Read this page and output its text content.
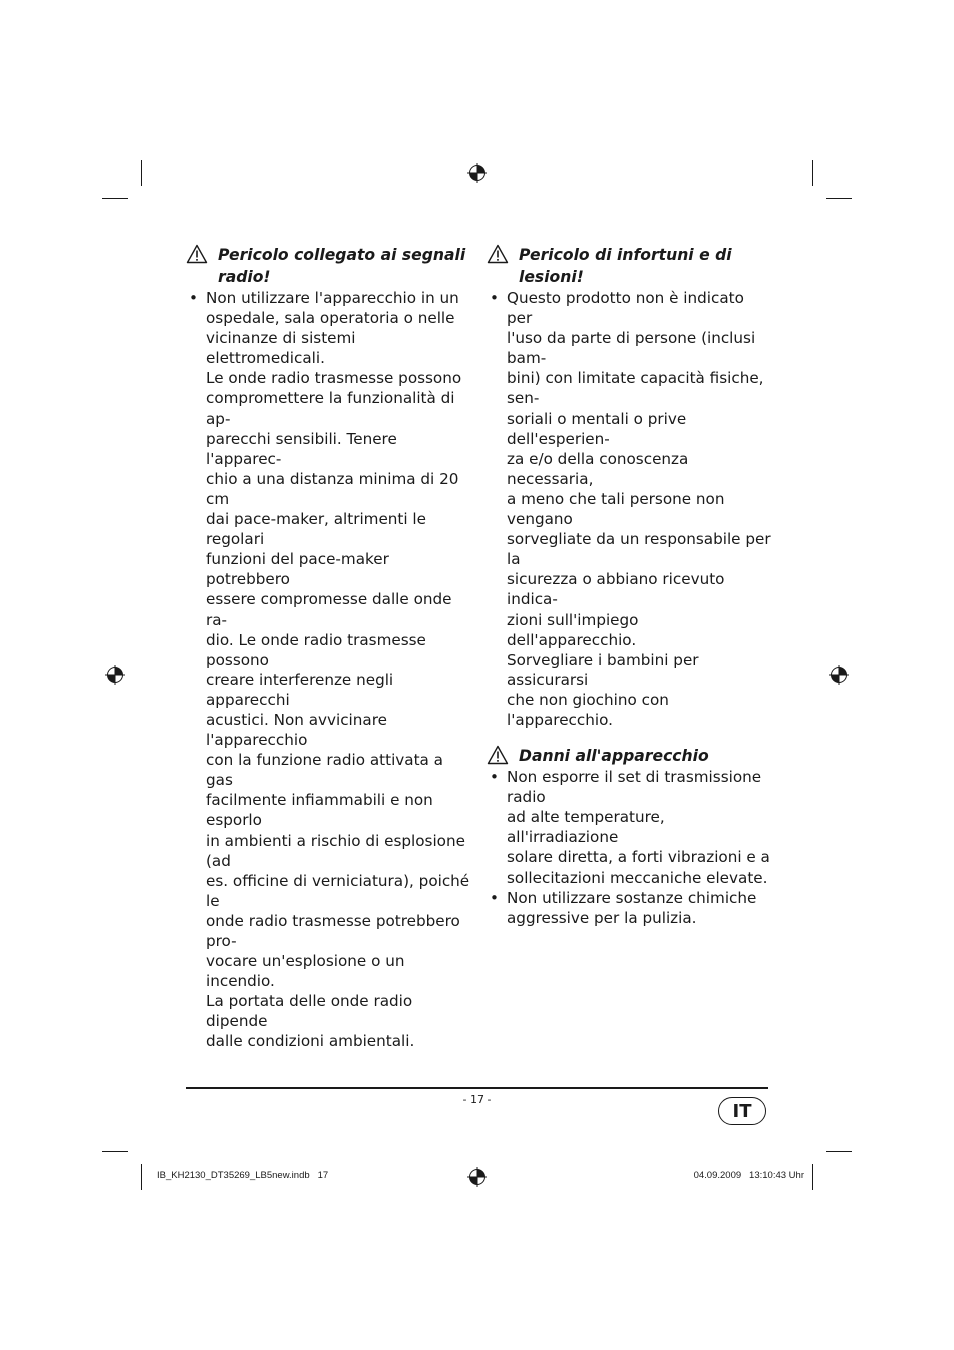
Pericolo collegato ai segnali radio!
• Non utilizzare l'apparecchio in un
ospedale, sala operatoria o nelle
vicinanze di sistemi elettromedicali.
Le onde radio trasmesse possono
compromettere la funzionalità di ap-
parecchi sensibili. Tenere l'apparec-
chio a una distanza minima di 20 cm
dai pace-maker, altrimenti le regolari
funzioni del pace-maker potrebbero
essere compromesse dalle onde ra-
dio. Le onde radio trasmesse possono
creare interferenze negli apparecchi
acustici. Non avvicinare l'apparecchio
con la funzione radio attivata a gas
facilmente infiammabili e non esporlo
in ambienti a rischio di esplosione (ad
es. officine di verniciatura), poiché le
onde radio trasmesse potrebbero pro-
vocare un'esplosione o un incendio.
La portata delle onde radio dipende
dalle condizioni ambientali.
Pericolo di infortuni e di lesioni!
• Questo prodotto non è indicato per
l'uso da parte di persone (inclusi bam-
bini) con limitate capacità fisiche, sen-
soriali o mentali o prive dell'esperien-
za e/o della conoscenza necessaria,
a meno che tali persone non vengano
sorvegliate da un responsabile per la
sicurezza o abbiano ricevuto indica-
zioni sull'impiego dell'apparecchio.
Sorvegliare i bambini per assicurarsi
che non giochino con l'apparecchio.
Danni all'apparecchio
• Non esporre il set di trasmissione radio
ad alte temperature, all'irradiazione
solare diretta, a forti vibrazioni e a
sollecitazioni meccaniche elevate.
• Non utilizzare sostanze chimiche
aggressive per la pulizia.
- 17 -
IT
IB_KH2130_DT35269_LB5new.indb   17	04.09.2009   13:10:43 Uhr
